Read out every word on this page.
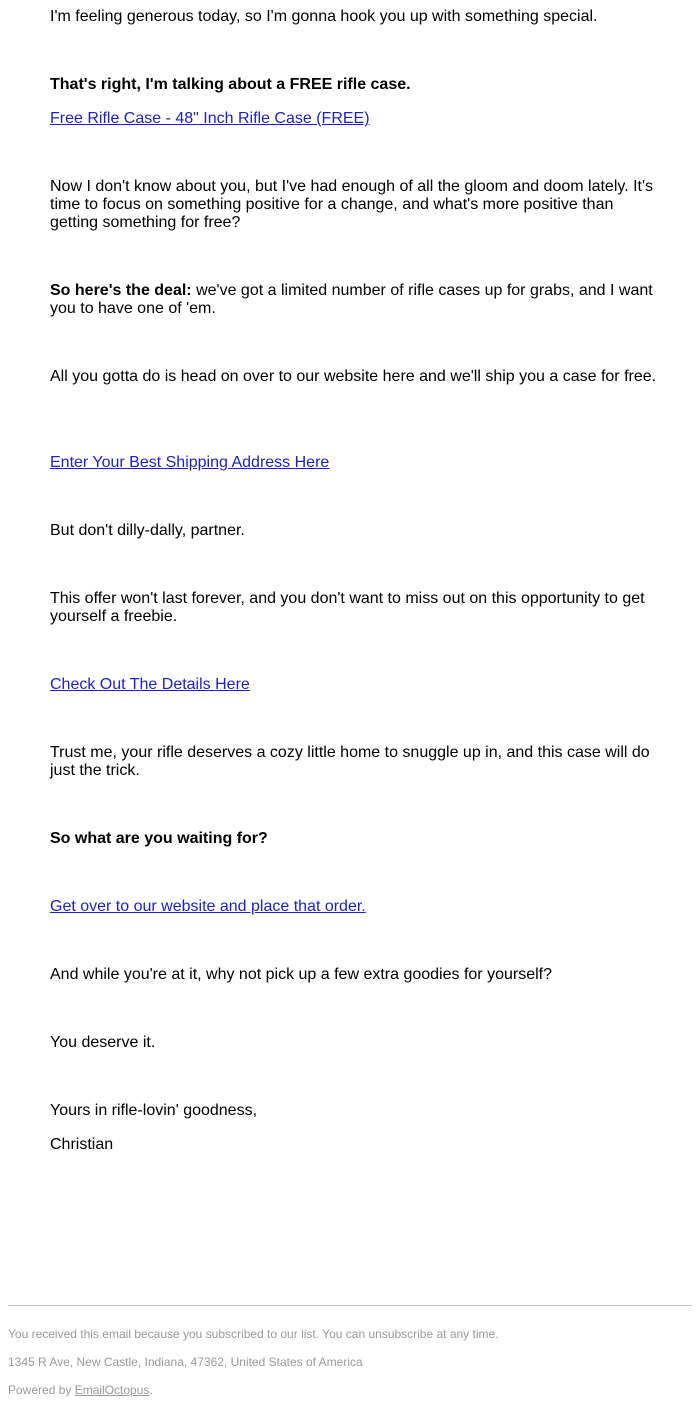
I'm feeling generous today, so I'm gonna hook you up with something special.

That's right, I'm talking about a FREE rifle case.

Free Rifle Case - 48" Inch Rifle Case (FREE)

Now I don't know about you, but I've had enough of all the gloom and doom lately. It's time to focus on something positive for a change, and what's more positive than getting something for free?

So here's the deal: we've got a limited number of rifle cases up for grabs, and I want you to have one of 'em.

All you gotta do is head on over to our website here and we'll ship you a case for free.

Enter Your Best Shipping Address Here

But don't dilly-dally, partner.

This offer won't last forever, and you don't want to miss out on this opportunity to get yourself a freebie.

Check Out The Details Here

Trust me, your rifle deserves a cozy little home to snuggle up in, and this case will do just the trick.

So what are you waiting for?

Get over to our website and place that order.

And while you're at it, why not pick up a few extra goodies for yourself?

You deserve it.

Yours in rifle-lovin' goodness,

Christian

You received this email because you subscribed to our list. You can unsubscribe at any time.

1345 R Ave, New Castle, Indiana, 47362, United States of America

Powered by EmailOctopus.
